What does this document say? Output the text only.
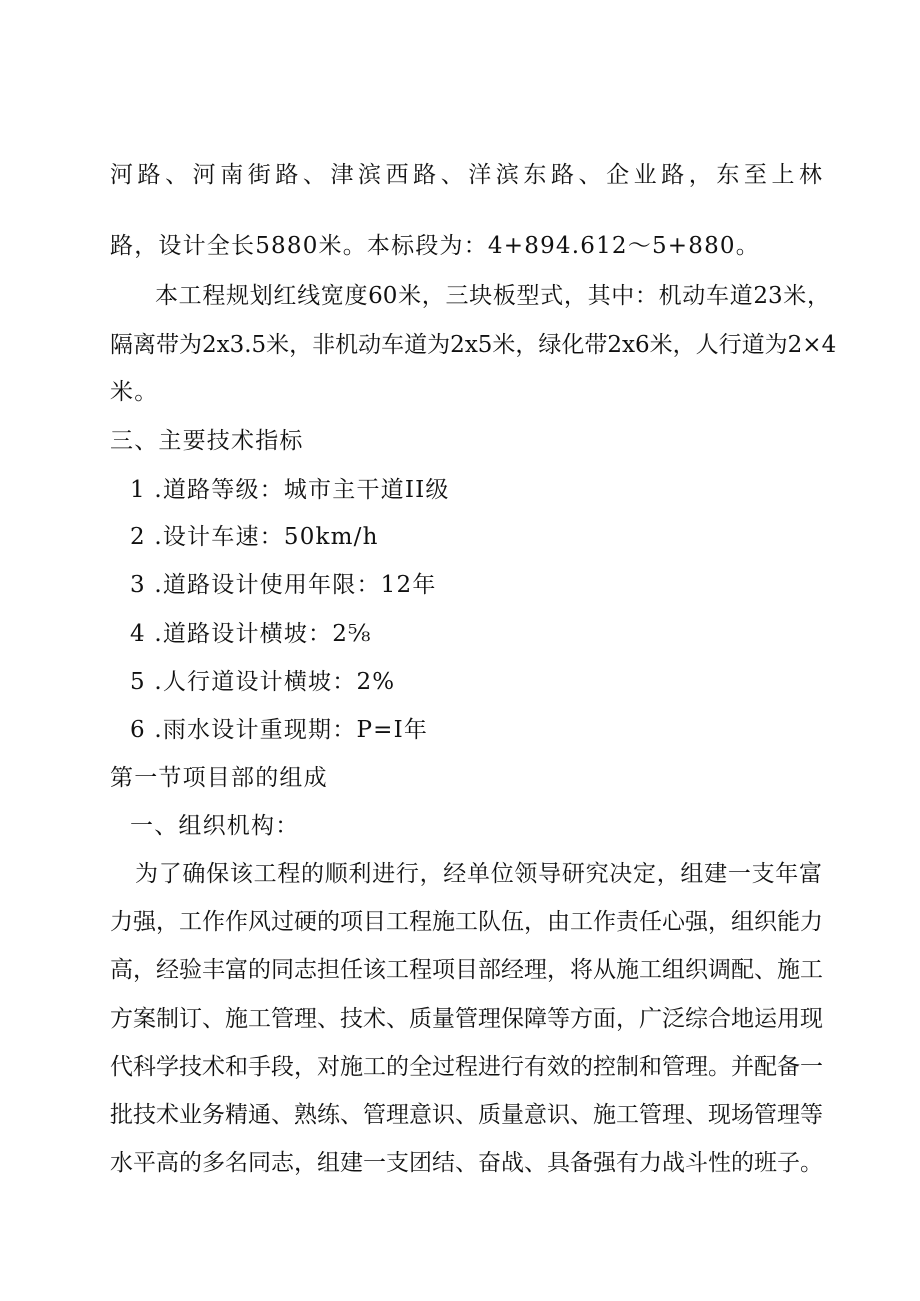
河路、河南街路、津滨西路、洋滨东路、企业路，东至上林
路，设计全长5880米。本标段为：4+894.612～5+880。
本工程规划红线宽度60米，三块板型式，其中：机动车道23米，
隔离带为2x3.5米，非机动车道为2x5米，绿化带2x6米，人行道为2×4
米。
三、主要技术指标
1 .道路等级：城市主干道II级
2 .设计车速：50km/h
3 .道路设计使用年限：12年
4 .道路设计横坡：2⅝
5 .人行道设计横坡：2%
6 .雨水设计重现期：P=I年
第一节项目部的组成
一、组织机构：
为了确保该工程的顺利进行，经单位领导研究决定，组建一支年富
力强，工作作风过硬的项目工程施工队伍，由工作责任心强，组织能力
高，经验丰富的同志担任该工程项目部经理，将从施工组织调配、施工
方案制订、施工管理、技术、质量管理保障等方面，广泛综合地运用现
代科学技术和手段，对施工的全过程进行有效的控制和管理。并配备一
批技术业务精通、熟练、管理意识、质量意识、施工管理、现场管理等
水平高的多名同志，组建一支团结、奋战、具备强有力战斗性的班子。
